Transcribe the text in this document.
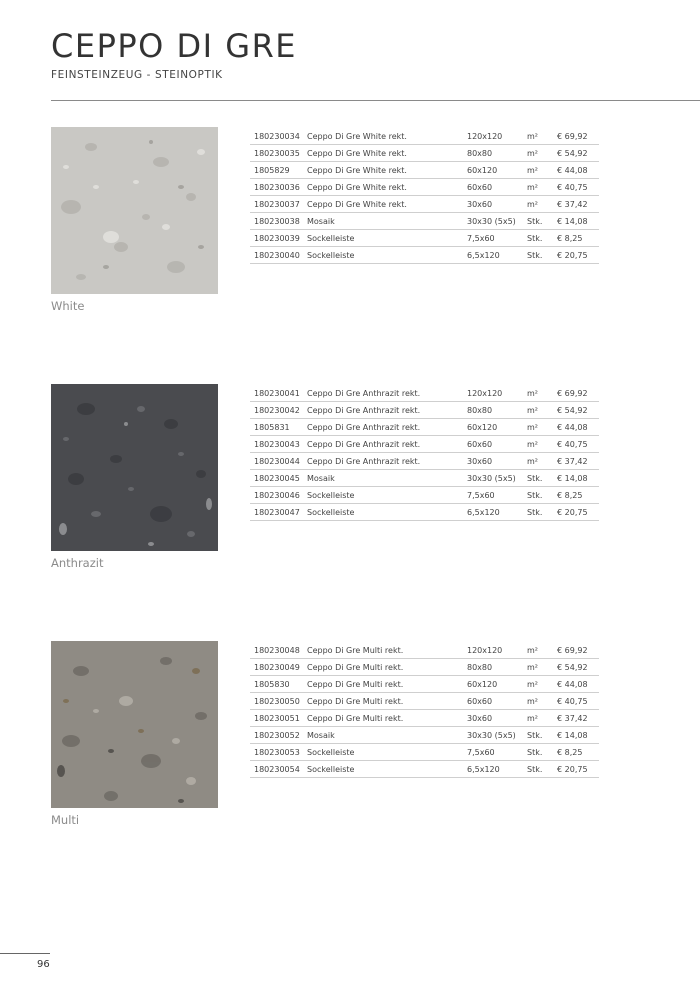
CEPPO DI GRE
FEINSTEINZEUG - STEINOPTIK
White
180230034	Ceppo Di Gre White rekt.	120x120	m²	€ 69,92
180230035	Ceppo Di Gre White rekt.	80x80	m²	€ 54,92
1805829	Ceppo Di Gre White rekt.	60x120	m²	€ 44,08
180230036	Ceppo Di Gre White rekt.	60x60	m²	€ 40,75
180230037	Ceppo Di Gre White rekt.	30x60	m²	€ 37,42
180230038	Mosaik	30x30 (5x5)	Stk.	€ 14,08
180230039	Sockelleiste	7,5x60	Stk.	€ 8,25
180230040	Sockelleiste	6,5x120	Stk.	€ 20,75
Anthrazit
180230041	Ceppo Di Gre Anthrazit rekt.	120x120	m²	€ 69,92
180230042	Ceppo Di Gre Anthrazit rekt.	80x80	m²	€ 54,92
1805831	Ceppo Di Gre Anthrazit rekt.	60x120	m²	€ 44,08
180230043	Ceppo Di Gre Anthrazit rekt.	60x60	m²	€ 40,75
180230044	Ceppo Di Gre Anthrazit rekt.	30x60	m²	€ 37,42
180230045	Mosaik	30x30 (5x5)	Stk.	€ 14,08
180230046	Sockelleiste	7,5x60	Stk.	€ 8,25
180230047	Sockelleiste	6,5x120	Stk.	€ 20,75
Multi
180230048	Ceppo Di Gre Multi rekt.	120x120	m²	€ 69,92
180230049	Ceppo Di Gre Multi rekt.	80x80	m²	€ 54,92
1805830	Ceppo Di Gre Multi rekt.	60x120	m²	€ 44,08
180230050	Ceppo Di Gre Multi rekt.	60x60	m²	€ 40,75
180230051	Ceppo Di Gre Multi rekt.	30x60	m²	€ 37,42
180230052	Mosaik	30x30 (5x5)	Stk.	€ 14,08
180230053	Sockelleiste	7,5x60	Stk.	€ 8,25
180230054	Sockelleiste	6,5x120	Stk.	€ 20,75
96
